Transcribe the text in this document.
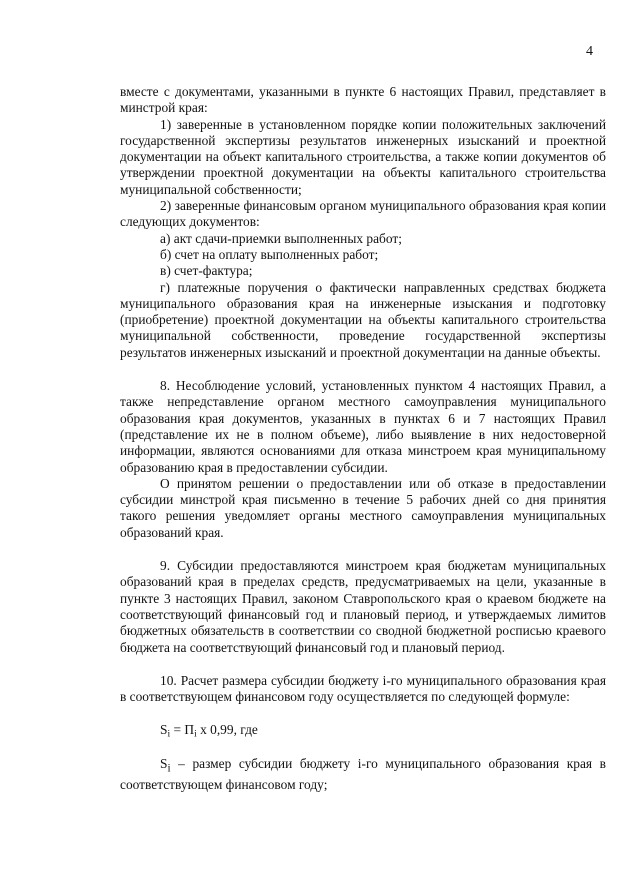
4

вместе с документами, указанными в пункте 6 настоящих Правил, представляет в минстрой края:

1) заверенные в установленном порядке копии положительных заключений государственной экспертизы результатов инженерных изысканий и проектной документации на объект капитального строительства, а также копии документов об утверждении проектной документации на объекты капитального строительства муниципальной собственности;

2) заверенные финансовым органом муниципального образования края копии следующих документов:

а) акт сдачи-приемки выполненных работ;

б) счет на оплату выполненных работ;

в) счет-фактура;

г) платежные поручения о фактически направленных средствах бюджета муниципального образования края на инженерные изыскания и подготовку (приобретение) проектной документации на объекты капитального строительства муниципальной собственности, проведение государственной экспертизы результатов инженерных изысканий и проектной документации на данные объекты.

8. Несоблюдение условий, установленных пунктом 4 настоящих Правил, а также непредставление органом местного самоуправления муниципального образования края документов, указанных в пунктах 6 и 7 настоящих Правил (представление их не в полном объеме), либо выявление в них недостоверной информации, являются основаниями для отказа минстроем края муниципальному образованию края в предоставлении субсидии.

О принятом решении о предоставлении или об отказе в предоставлении субсидии минстрой края письменно в течение 5 рабочих дней со дня принятия такого решения уведомляет органы местного самоуправления муниципальных образований края.

9. Субсидии предоставляются минстроем края бюджетам муниципальных образований края в пределах средств, предусматриваемых на цели, указанные в пункте 3 настоящих Правил, законом Ставропольского края о краевом бюджете на соответствующий финансовый год и плановый период, и утверждаемых лимитов бюджетных обязательств в соответствии со сводной бюджетной росписью краевого бюджета на соответствующий финансовый год и плановый период.

10. Расчет размера субсидии бюджету i-го муниципального образования края в соответствующем финансовом году осуществляется по следующей формуле:

$S_i = П_i$ х 0,99, где

$S_i$ – размер субсидии бюджету i-го муниципального образования края в соответствующем финансовом году;
